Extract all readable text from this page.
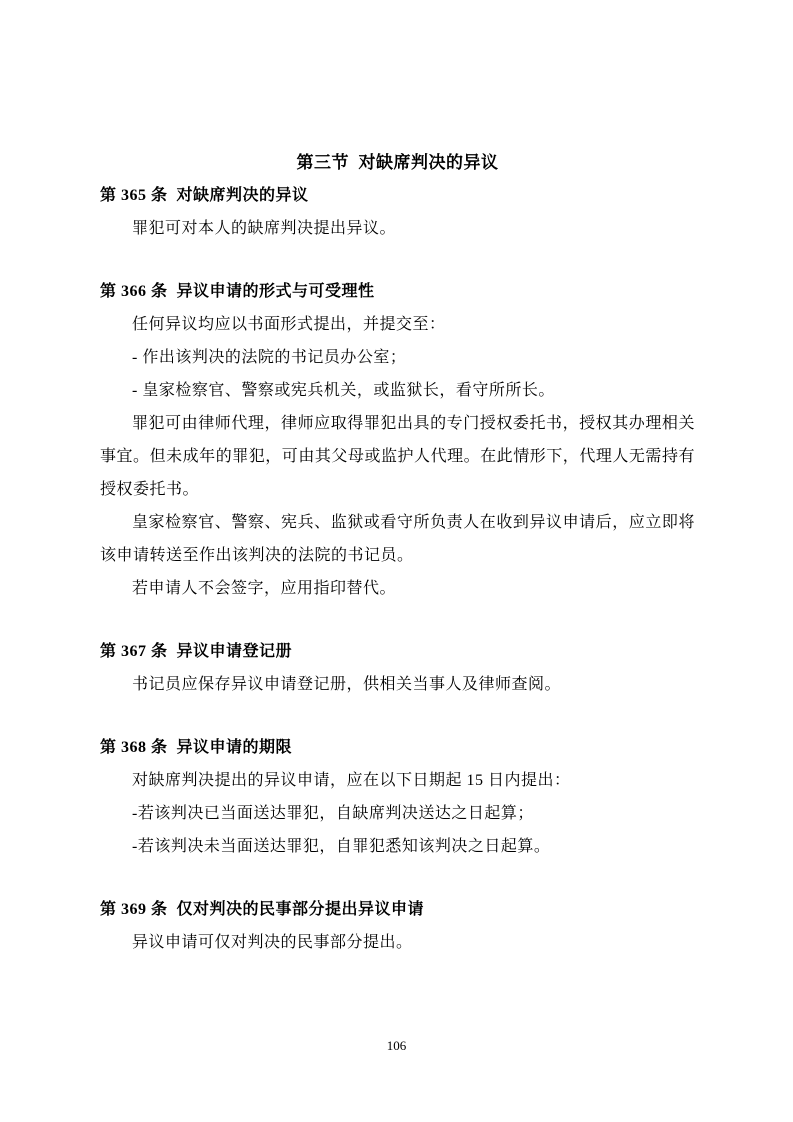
第三节  对缺席判决的异议
第 365 条  对缺席判决的异议

罪犯可对本人的缺席判决提出异议。

第 366 条  异议申请的形式与可受理性

任何异议均应以书面形式提出，并提交至：

- 作出该判决的法院的书记员办公室；

- 皇家检察官、警察或宪兵机关，或监狱长，看守所所长。

罪犯可由律师代理，律师应取得罪犯出具的专门授权委托书，授权其办理相关事宜。但未成年的罪犯，可由其父母或监护人代理。在此情形下，代理人无需持有授权委托书。

皇家检察官、警察、宪兵、监狱或看守所负责人在收到异议申请后，应立即将该申请转送至作出该判决的法院的书记员。

若申请人不会签字，应用指印替代。

第 367 条  异议申请登记册

书记员应保存异议申请登记册，供相关当事人及律师查阅。

第 368 条  异议申请的期限

对缺席判决提出的异议申请，应在以下日期起 15 日内提出：

-若该判决已当面送达罪犯，自缺席判决送达之日起算；

-若该判决未当面送达罪犯，自罪犯悉知该判决之日起算。

第 369 条  仅对判决的民事部分提出异议申请

异议申请可仅对判决的民事部分提出。

106
